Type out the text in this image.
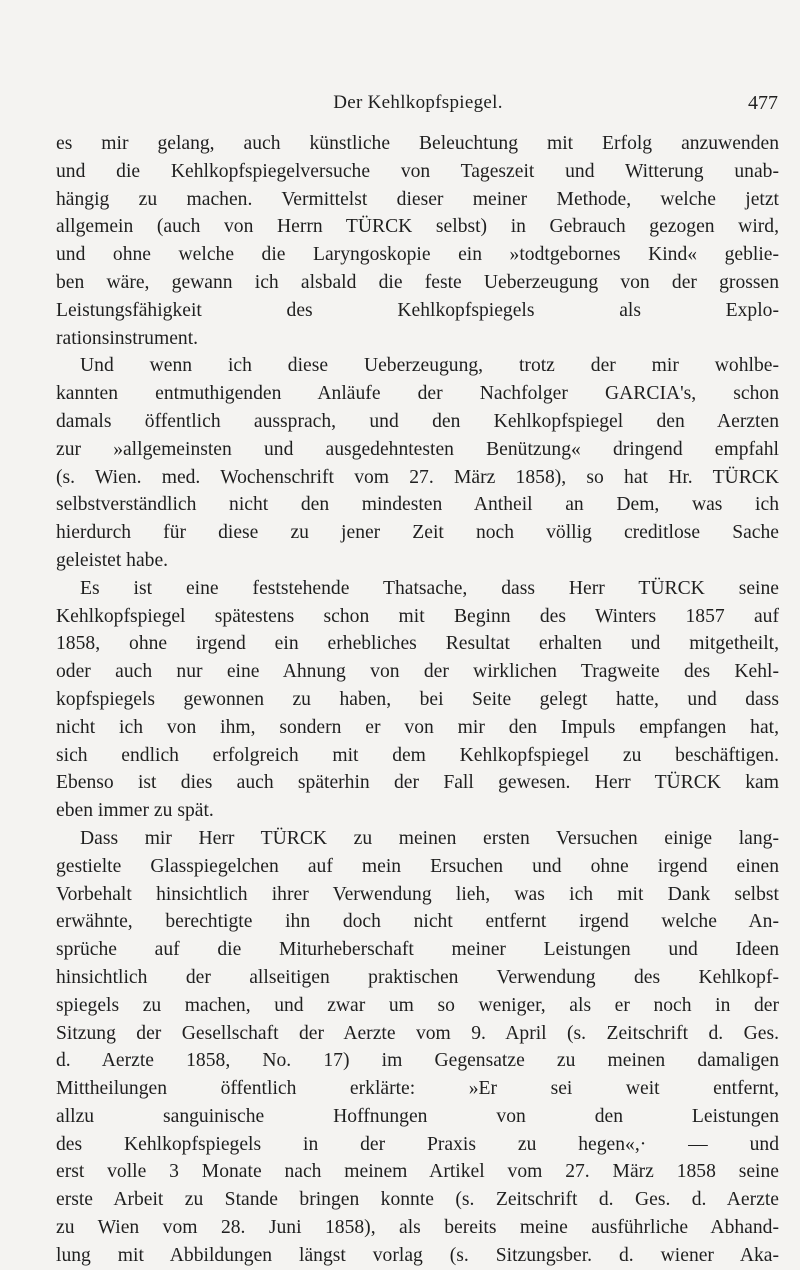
Der Kehlkopfspiegel.	477
es mir gelang, auch künstliche Beleuchtung mit Erfolg anzuwenden
und die Kehlkopfspiegelversuche von Tageszeit und Witterung unab-
hängig zu machen. Vermittelst dieser meiner Methode, welche jetzt
allgemein (auch von Herrn TÜRCK selbst) in Gebrauch gezogen wird,
und ohne welche die Laryngoskopie ein »todtgebornes Kind« geblie-
ben wäre, gewann ich alsbald die feste Ueberzeugung von der grossen
Leistungsfähigkeit des Kehlkopfspiegels als Explo-
rationsinstrument.
Und wenn ich diese Ueberzeugung, trotz der mir wohlbe-
kannten entmuthigenden Anläufe der Nachfolger GARCIA's, schon
damals öffentlich aussprach, und den Kehlkopfspiegel den Aerzten
zur »allgemeinsten und ausgedehntesten Benützung« dringend empfahl
(s. Wien. med. Wochenschrift vom 27. März 1858), so hat Hr. TÜRCK
selbstverständlich nicht den mindesten Antheil an Dem, was ich
hierdurch für diese zu jener Zeit noch völlig creditlose Sache
geleistet habe.
Es ist eine feststehende Thatsache, dass Herr TÜRCK seine
Kehlkopfspiegel spätestens schon mit Beginn des Winters 1857 auf
1858, ohne irgend ein erhebliches Resultat erhalten und mitgetheilt,
oder auch nur eine Ahnung von der wirklichen Tragweite des Kehl-
kopfspiegels gewonnen zu haben, bei Seite gelegt hatte, und dass
nicht ich von ihm, sondern er von mir den Impuls empfangen hat,
sich endlich erfolgreich mit dem Kehlkopfspiegel zu beschäftigen.
Ebenso ist dies auch späterhin der Fall gewesen. Herr TÜRCK kam
eben immer zu spät.
Dass mir Herr TÜRCK zu meinen ersten Versuchen einige lang-
gestielte Glasspiegelchen auf mein Ersuchen und ohne irgend einen
Vorbehalt hinsichtlich ihrer Verwendung lieh, was ich mit Dank selbst
erwähnte, berechtigte ihn doch nicht entfernt irgend welche An-
sprüche auf die Miturheberschaft meiner Leistungen und Ideen
hinsichtlich der allseitigen praktischen Verwendung des Kehlkopf-
spiegels zu machen, und zwar um so weniger, als er noch in der
Sitzung der Gesellschaft der Aerzte vom 9. April (s. Zeitschrift d. Ges.
d. Aerzte 1858, No. 17) im Gegensatze zu meinen damaligen
Mittheilungen öffentlich erklärte: »Er sei weit entfernt,
allzu sanguinische Hoffnungen von den Leistungen
des Kehlkopfspiegels in der Praxis zu hegen«,· — und
erst volle 3 Monate nach meinem Artikel vom 27. März 1858 seine
erste Arbeit zu Stande bringen konnte (s. Zeitschrift d. Ges. d. Aerzte
zu Wien vom 28. Juni 1858), als bereits meine ausführliche Abhand-
lung mit Abbildungen längst vorlag (s. Sitzungsber. d. wiener Aka-
